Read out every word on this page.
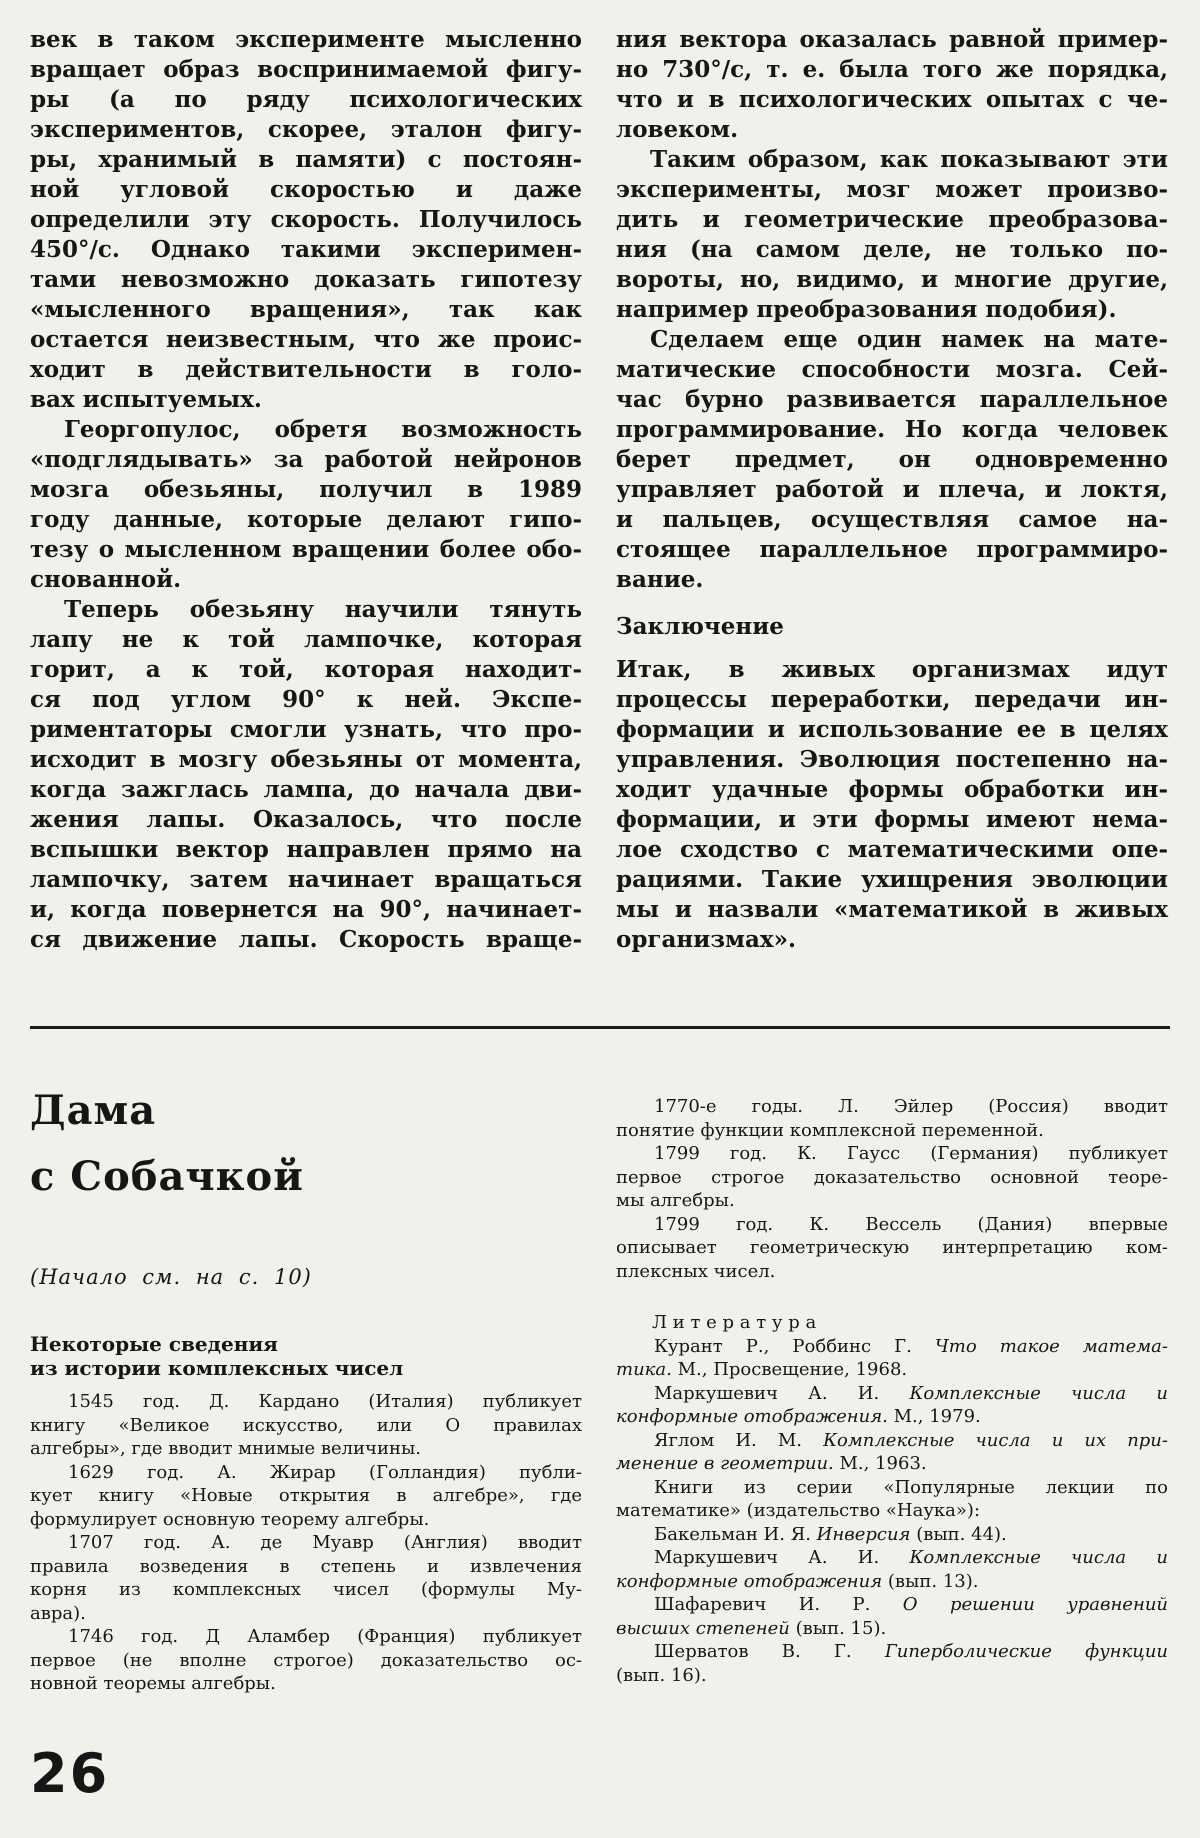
век в таком эксперименте мысленно
вращает образ воспринимаемой фигу-
ры (а по ряду психологических
экспериментов, скорее, эталон фигу-
ры, хранимый в памяти) с постоян-
ной угловой скоростью и даже
определили эту скорость. Получилось
450°/с. Однако такими эксперимен-
тами невозможно доказать гипотезу
«мысленного вращения», так как
остается неизвестным, что же проис-
ходит в действительности в голо-
вах испытуемых.
Георгопулос, обретя возможность
«подглядывать» за работой нейронов
мозга обезьяны, получил в 1989
году данные, которые делают гипо-
тезу о мысленном вращении более обо-
снованной.
Теперь обезьяну научили тянуть
лапу не к той лампочке, которая
горит, а к той, которая находит-
ся под углом 90° к ней. Экспе-
риментаторы смогли узнать, что про-
исходит в мозгу обезьяны от момента,
когда зажглась лампа, до начала дви-
жения лапы. Оказалось, что после
вспышки вектор направлен прямо на
лампочку, затем начинает вращаться
и, когда повернется на 90°, начинает-
ся движение лапы. Скорость враще-
ния вектора оказалась равной пример-
но 730°/с, т. е. была того же порядка,
что и в психологических опытах с че-
ловеком.
Таким образом, как показывают эти
эксперименты, мозг может произво-
дить и геометрические преобразова-
ния (на самом деле, не только по-
вороты, но, видимо, и многие другие,
например преобразования подобия).
Сделаем еще один намек на мате-
матические способности мозга. Сей-
час бурно развивается параллельное
программирование. Но когда человек
берет предмет, он одновременно
управляет работой и плеча, и локтя,
и пальцев, осуществляя самое на-
стоящее параллельное программиро-
вание.
Заключение
Итак, в живых организмах идут
процессы переработки, передачи ин-
формации и использование ее в целях
управления. Эволюция постепенно на-
ходит удачные формы обработки ин-
формации, и эти формы имеют нема-
лое сходство с математическими опе-
рациями. Такие ухищрения эволюции
мы и назвали «математикой в живых
организмах».
Дама
с Собачкой
(Начало см. на с. 10)
Некоторые сведения
из истории комплексных чисел
1545 год. Д. Кардано (Италия) публикует
книгу «Великое искусство, или О правилах
алгебры», где вводит мнимые величины.
1629 год. А. Жирар (Голландия) публи-
кует книгу «Новые открытия в алгебре», где
формулирует основную теорему алгебры.
1707 год. А. де Муавр (Англия) вводит
правила возведения в степень и извлечения
корня из комплексных чисел (формулы Му-
авра).
1746 год. Д Аламбер (Франция) публикует
первое (не вполне строгое) доказательство ос-
новной теоремы алгебры.
26
1770-е годы. Л. Эйлер (Россия) вводит
понятие функции комплексной переменной.
1799 год. К. Гаусс (Германия) публикует
первое строгое доказательство основной теоре-
мы алгебры.
1799 год. К. Вессель (Дания) впервые
описывает геометрическую интерпретацию ком-
плексных чисел.
Л и т е р а т у р а
Курант Р., Роббинс Г. Что такое матема-
тика. М., Просвещение, 1968.
Маркушевич А. И. Комплексные числа и
конформные отображения. М., 1979.
Яглом И. М. Комплексные числа и их при-
менение в геометрии. М., 1963.
Книги из серии «Популярные лекции по
математике» (издательство «Наука»):
Бакельман И. Я. Инверсия (вып. 44).
Маркушевич А. И. Комплексные числа и
конформные отображения (вып. 13).
Шафаревич И. Р. О решении уравнений
высших степеней (вып. 15).
Шерватов В. Г. Гиперболические функции
(вып. 16).
